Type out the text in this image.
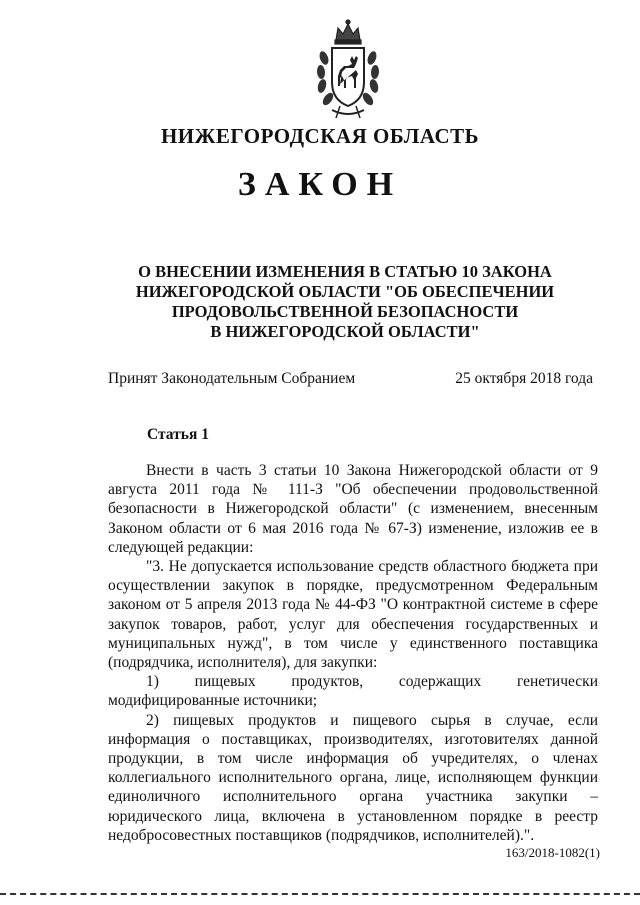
НИЖЕГОРОДСКАЯ ОБЛАСТЬ
ЗАКОН
О ВНЕСЕНИИ ИЗМЕНЕНИЯ В СТАТЬЮ 10 ЗАКОНА
НИЖЕГОРОДСКОЙ ОБЛАСТИ "ОБ ОБЕСПЕЧЕНИИ
ПРОДОВОЛЬСТВЕННОЙ БЕЗОПАСНОСТИ
В НИЖЕГОРОДСКОЙ ОБЛАСТИ"
Принят Законодательным Собранием	25 октября 2018 года
Статья 1

Внести в часть 3 статьи 10 Закона Нижегородской области от 9 августа 2011 года № 111-З "Об обеспечении продовольственной безопасности в Нижегородской области" (с изменением, внесенным Законом области от 6 мая 2016 года № 67-З) изменение, изложив ее в следующей редакции:

"3. Не допускается использование средств областного бюджета при осуществлении закупок в порядке, предусмотренном Федеральным законом от 5 апреля 2013 года № 44-ФЗ "О контрактной системе в сфере закупок товаров, работ, услуг для обеспечения государственных и муниципальных нужд", в том числе у единственного поставщика (подрядчика, исполнителя), для закупки:

1) пищевых продуктов, содержащих генетически модифицированные источники;

2) пищевых продуктов и пищевого сырья в случае, если информация о поставщиках, производителях, изготовителях данной продукции, в том числе информация об учредителях, о членах коллегиального исполнительного органа, лице, исполняющем функции единоличного исполнительного органа участника закупки – юридического лица, включена в установленном порядке в реестр недобросовестных поставщиков (подрядчиков, исполнителей).".

163/2018-1082(1)
